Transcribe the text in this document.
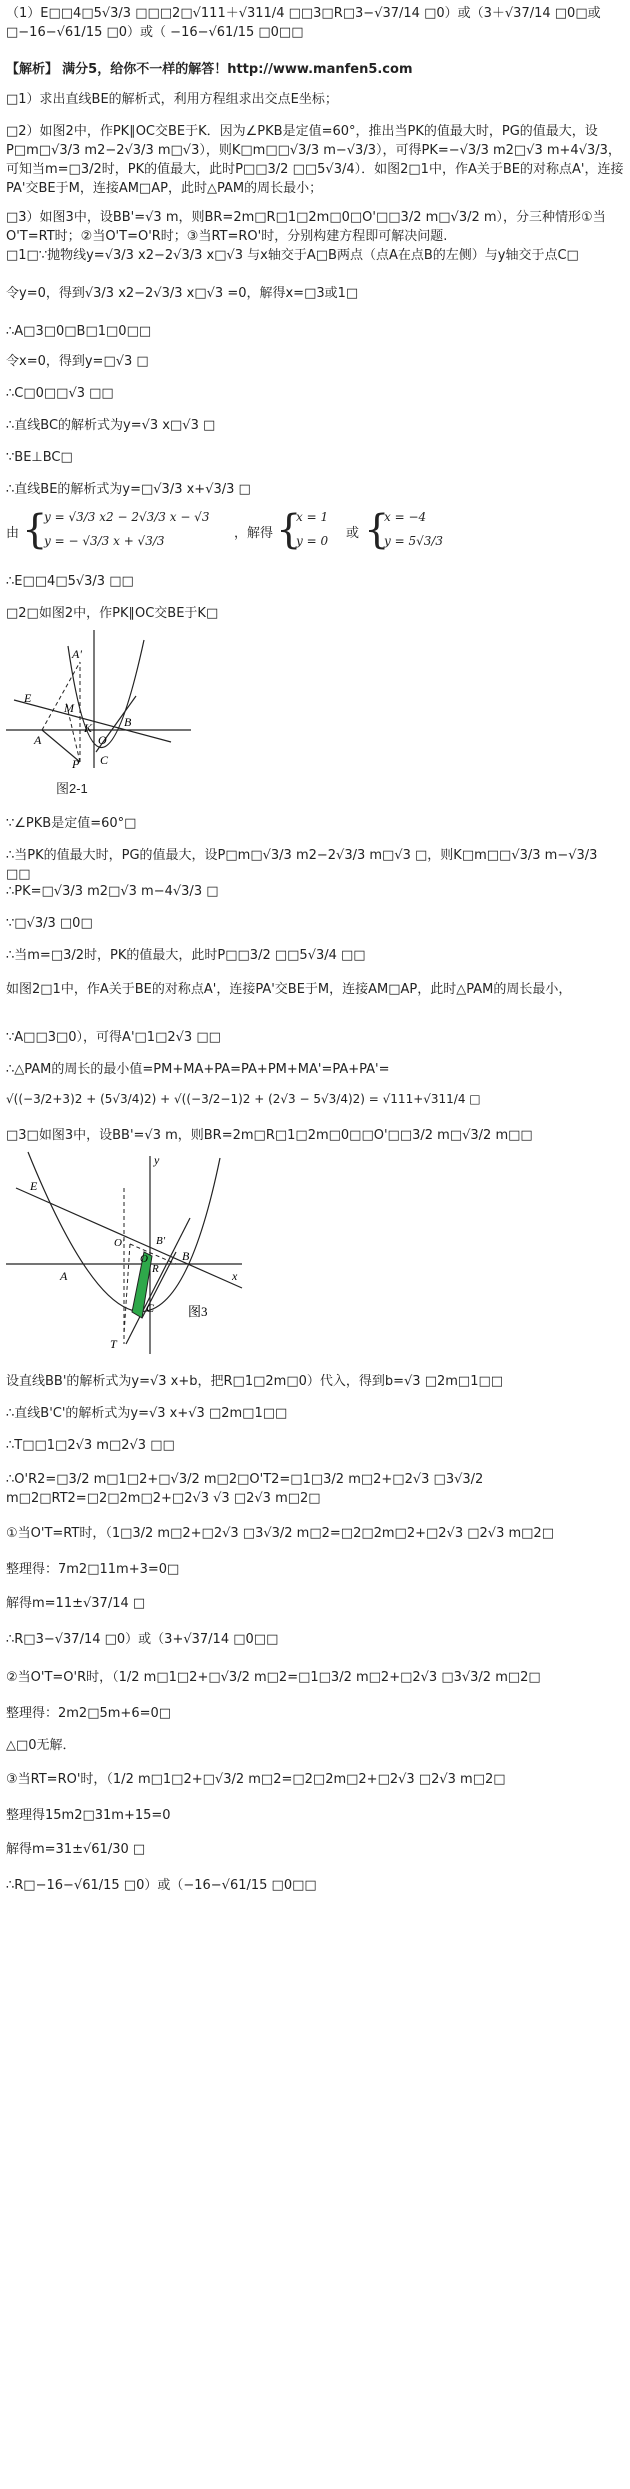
（1）E□□4□5√3/3 □□□2□√111＋√311/4 □□3□R□3−√37/14 □0）或（3＋√37/14 □0□或□−16−√61/15 □0）或（ −16−√61/15 □0□□
【解析】 满分5，给你不一样的解答！http://www.manfen5.com
□1）求出直线BE的解析式，利用方程组求出交点E坐标；
□2）如图2中，作PK∥OC交BE于K．因为∠PKB是定值=60°，推出当PK的值最大时，PG的值最大，设P□m□√3/3 m2−2√3/3 m□√3），则K□m□□√3/3 m−√3/3），可得PK=−√3/3 m2□√3 m+4√3/3，可知当m=□3/2时，PK的值最大，此时P□□3/2 □□5√3/4）．如图2□1中，作A关于BE的对称点A'，连接PA'交BE于M，连接AM□AP，此时△PAM的周长最小；
□3）如图3中，设BB'=√3 m，则BR=2m□R□1□2m□0□O'□□3/2 m□√3/2 m），分三种情形①当O'T=RT时；②当O'T=O'R时；③当RT=RO'时，分别构建方程即可解决问题.
□1□∵抛物线y=√3/3 x2−2√3/3 x□√3 与x轴交于A□B两点（点A在点B的左侧）与y轴交于点C□
令y=0，得到√3/3 x2−2√3/3 x□√3 =0，解得x=□3或1□
∴A□3□0□B□1□0□□
令x=0，得到y=□√3 □
∴C□0□□√3 □□
∴直线BC的解析式为y=√3 x□√3 □
∵BE⊥BC□
∴直线BE的解析式为y=□√3/3 x+√3/3 □
由 {
y = √3/3 x2 − 2√3/3 x − √3
y = − √3/3 x + √3/3	，解得 {
x = 1
y = 0 或 {
x = −4
y = 5√3/3
∴E□□4□5√3/3 □□
□2□如图2中，作PK∥OC交BE于K□
E
A'
M
A	O
B
K
P C
图2-1
∵∠PKB是定值=60°□
∴当PK的值最大时，PG的值最大，设P□m□√3/3 m2−2√3/3 m□√3 □，则K□m□□√3/3 m−√3/3 □□
∴PK=□√3/3 m2□√3 m−4√3/3 □
∵□√3/3 □0□
∴当m=□3/2时，PK的值最大，此时P□□3/2 □□5√3/4 □□
如图2□1中，作A关于BE的对称点A'，连接PA'交BE于M，连接AM□AP，此时△PAM的周长最小，
∵A□□3□0），可得A'□1□2√3 □□
∴△PAM的周长的最小值=PM+MA+PA=PA+PM+MA'=PA+PA'=
√((−3/2+3)2 + (5√3/4)2) + √((−3/2−1)2 + (2√3 − 5√3/4)2) = √111+√311/4 □
□3□如图3中，设BB'=√3 m，则BR=2m□R□1□2m□0□□O'□□3/2 m□√3/2 m□□
E
y
O'	B'
A
O
R
B
x
C
T
图3
设直线BB'的解析式为y=√3 x+b，把R□1□2m□0）代入，得到b=√3 □2m□1□□
∴直线B'C'的解析式为y=√3 x+√3 □2m□1□□
∴T□□1□2√3 m□2√3 □□
∴O'R2=□3/2 m□1□2+□√3/2 m□2□O'T2=□1□3/2 m□2+□2√3 □3√3/2 m□2□RT2=□2□2m□2+□2√3 √3 □2√3 m□2□
①当O'T=RT时，（1□3/2 m□2+□2√3 □3√3/2 m□2=□2□2m□2+□2√3 □2√3 m□2□
整理得：7m2□11m+3=0□
解得m=11±√37/14 □
∴R□3−√37/14 □0）或（3+√37/14 □0□□
②当O'T=O'R时，（1/2 m□1□2+□√3/2 m□2=□1□3/2 m□2+□2√3 □3√3/2 m□2□
整理得：2m2□5m+6=0□
△□0无解．
③当RT=RO'时，（1/2 m□1□2+□√3/2 m□2=□2□2m□2+□2√3 □2√3 m□2□
整理得15m2□31m+15=0
解得m=31±√61/30 □
∴R□−16−√61/15 □0）或（−16−√61/15 □0□□
